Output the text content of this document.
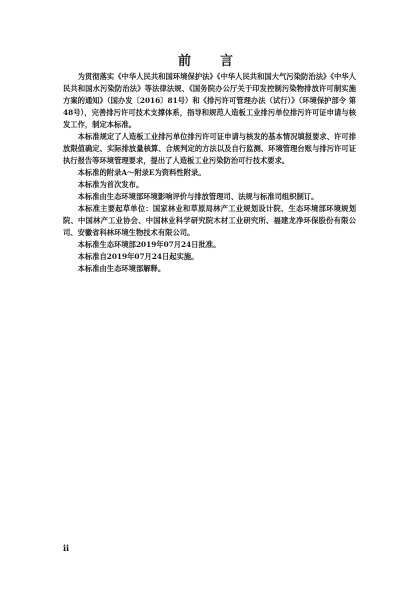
前　言

为贯彻落实《中华人民共和国环境保护法》《中华人民共和国大气污染防治法》《中华人民共和国水污染防治法》等法律法规、《国务院办公厅关于印发控制污染物排放许可制实施方案的通知》（国办发〔2016〕81号）和《排污许可管理办法（试行）》（环境保护部令 第48号），完善排污许可技术支撑体系，指导和规范人造板工业排污单位排污许可证申请与核发工作，制定本标准。

本标准规定了人造板工业排污单位排污许可证申请与核发的基本情况填报要求、许可排放限值确定、实际排放量核算、合规判定的方法以及自行监测、环境管理台账与排污许可证执行报告等环境管理要求，提出了人造板工业污染防治可行技术要求。

本标准的附录A～附录E为资料性附录。

本标准为首次发布。

本标准由生态环境部环境影响评价与排放管理司、法规与标准司组织制订。

本标准主要起草单位：国家林业和草原局林产工业规划设计院、生态环境部环境规划院、中国林产工业协会、中国林业科学研究院木材工业研究所、福建龙净环保股份有限公司、安徽省科林环境生物技术有限公司。

本标准生态环境部2019年07月24日批准。

本标准自2019年07月24日起实施。

本标准由生态环境部解释。

ii
